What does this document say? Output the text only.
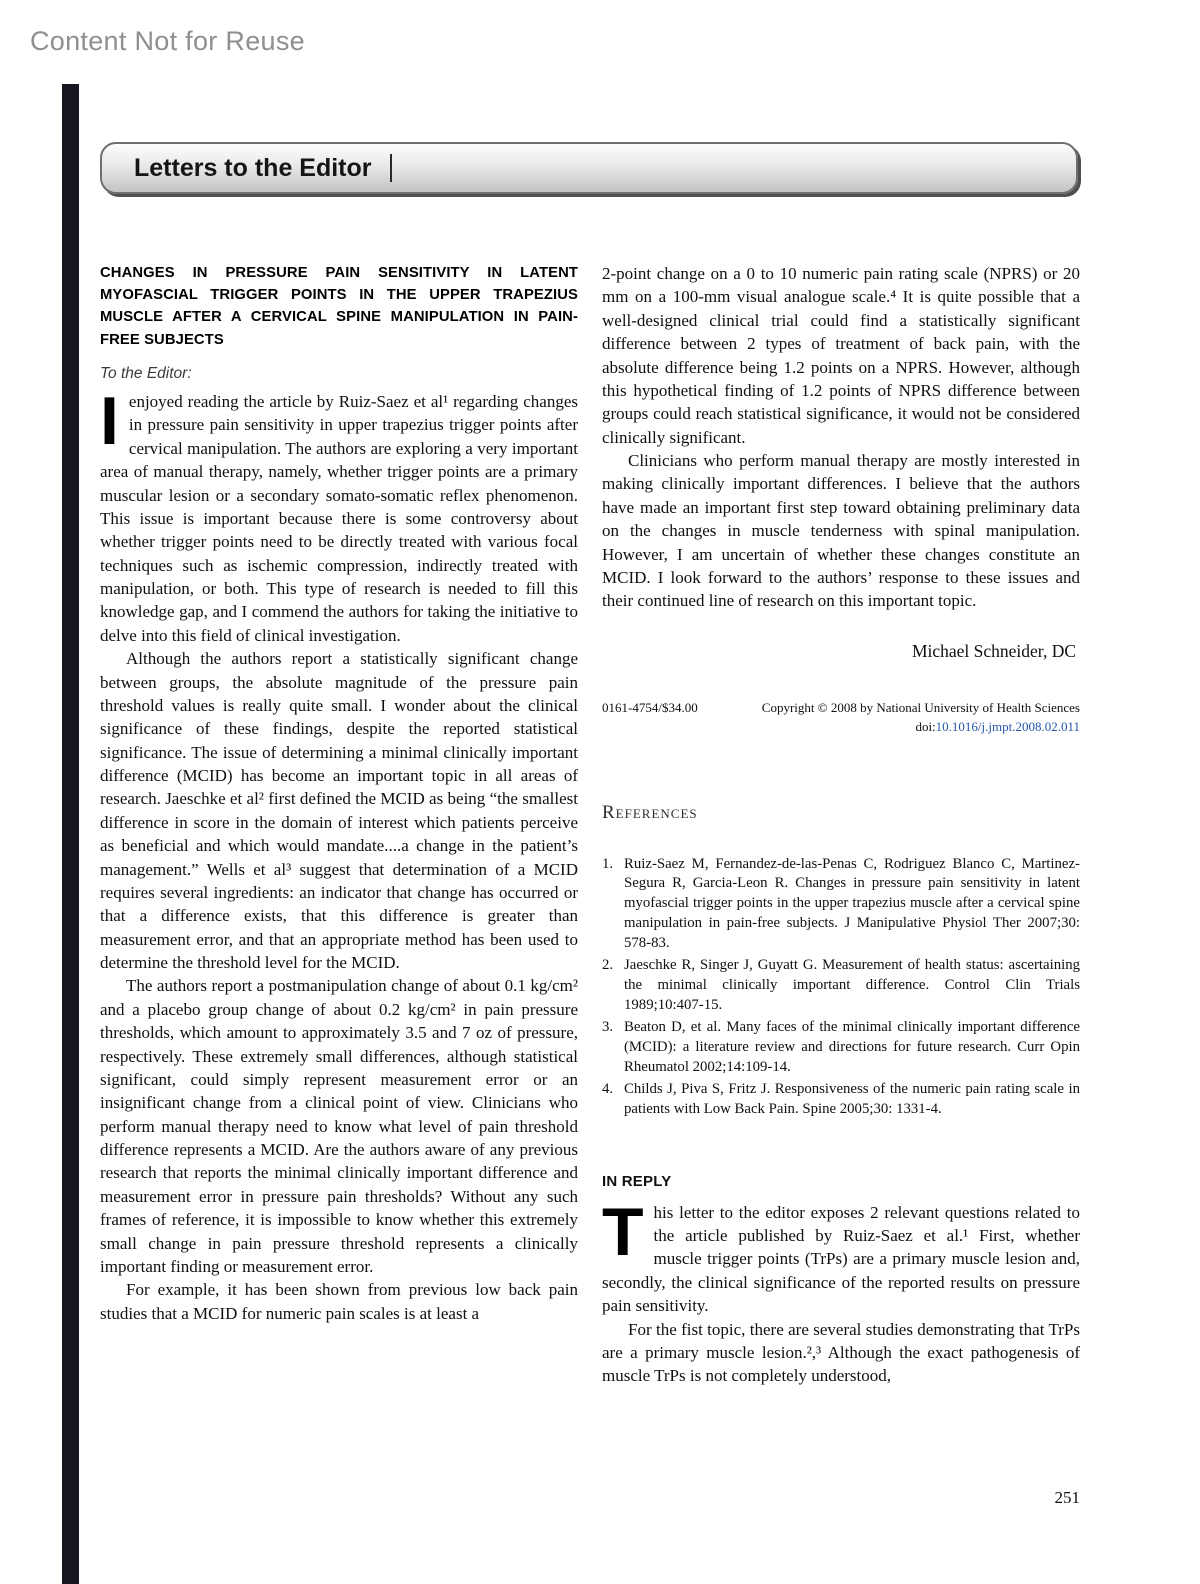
Content Not for Reuse
Letters to the Editor
CHANGES IN PRESSURE PAIN SENSITIVITY IN LATENT MYOFASCIAL TRIGGER POINTS IN THE UPPER TRAPEZIUS MUSCLE AFTER A CERVICAL SPINE MANIPULATION IN PAIN-FREE SUBJECTS
To the Editor:
Ienjoyed reading the article by Ruiz-Saez et al¹ regarding changes in pressure pain sensitivity in upper trapezius trigger points after cervical manipulation. The authors are exploring a very important area of manual therapy, namely, whether trigger points are a primary muscular lesion or a secondary somato-somatic reflex phenomenon. This issue is important because there is some controversy about whether trigger points need to be directly treated with various focal techniques such as ischemic compression, indirectly treated with manipulation, or both. This type of research is needed to fill this knowledge gap, and I commend the authors for taking the initiative to delve into this field of clinical investigation.
Although the authors report a statistically significant change between groups, the absolute magnitude of the pressure pain threshold values is really quite small. I wonder about the clinical significance of these findings, despite the reported statistical significance. The issue of determining a minimal clinically important difference (MCID) has become an important topic in all areas of research. Jaeschke et al² first defined the MCID as being “the smallest difference in score in the domain of interest which patients perceive as beneficial and which would mandate....a change in the patient’s management.” Wells et al³ suggest that determination of a MCID requires several ingredients: an indicator that change has occurred or that a difference exists, that this difference is greater than measurement error, and that an appropriate method has been used to determine the threshold level for the MCID.
The authors report a postmanipulation change of about 0.1 kg/cm² and a placebo group change of about 0.2 kg/cm² in pain pressure thresholds, which amount to approximately 3.5 and 7 oz of pressure, respectively. These extremely small differences, although statistical significant, could simply represent measurement error or an insignificant change from a clinical point of view. Clinicians who perform manual therapy need to know what level of pain threshold difference represents a MCID. Are the authors aware of any previous research that reports the minimal clinically important difference and measurement error in pressure pain thresholds? Without any such frames of reference, it is impossible to know whether this extremely small change in pain pressure threshold represents a clinically important finding or measurement error.
For example, it has been shown from previous low back pain studies that a MCID for numeric pain scales is at least a
2-point change on a 0 to 10 numeric pain rating scale (NPRS) or 20 mm on a 100-mm visual analogue scale.⁴ It is quite possible that a well-designed clinical trial could find a statistically significant difference between 2 types of treatment of back pain, with the absolute difference being 1.2 points on a NPRS. However, although this hypothetical finding of 1.2 points of NPRS difference between groups could reach statistical significance, it would not be considered clinically significant.
Clinicians who perform manual therapy are mostly interested in making clinically important differences. I believe that the authors have made an important first step toward obtaining preliminary data on the changes in muscle tenderness with spinal manipulation. However, I am uncertain of whether these changes constitute an MCID. I look forward to the authors’ response to these issues and their continued line of research on this important topic.
Michael Schneider, DC
0161-4754/$34.00	Copyright © 2008 by National University of Health Sciences
doi:10.1016/j.jmpt.2008.02.011
References
1. Ruiz-Saez M, Fernandez-de-las-Penas C, Rodriguez Blanco C, Martinez-Segura R, Garcia-Leon R. Changes in pressure pain sensitivity in latent myofascial trigger points in the upper trapezius muscle after a cervical spine manipulation in pain-free subjects. J Manipulative Physiol Ther 2007;30: 578-83.
2. Jaeschke R, Singer J, Guyatt G. Measurement of health status: ascertaining the minimal clinically important difference. Control Clin Trials 1989;10:407-15.
3. Beaton D, et al. Many faces of the minimal clinically important difference (MCID): a literature review and directions for future research. Curr Opin Rheumatol 2002;14:109-14.
4. Childs J, Piva S, Fritz J. Responsiveness of the numeric pain rating scale in patients with Low Back Pain. Spine 2005;30: 1331-4.
IN REPLY
This letter to the editor exposes 2 relevant questions related to the article published by Ruiz-Saez et al.¹ First, whether muscle trigger points (TrPs) are a primary muscle lesion and, secondly, the clinical significance of the reported results on pressure pain sensitivity.
For the fist topic, there are several studies demonstrating that TrPs are a primary muscle lesion.²,³ Although the exact pathogenesis of muscle TrPs is not completely understood,
251
